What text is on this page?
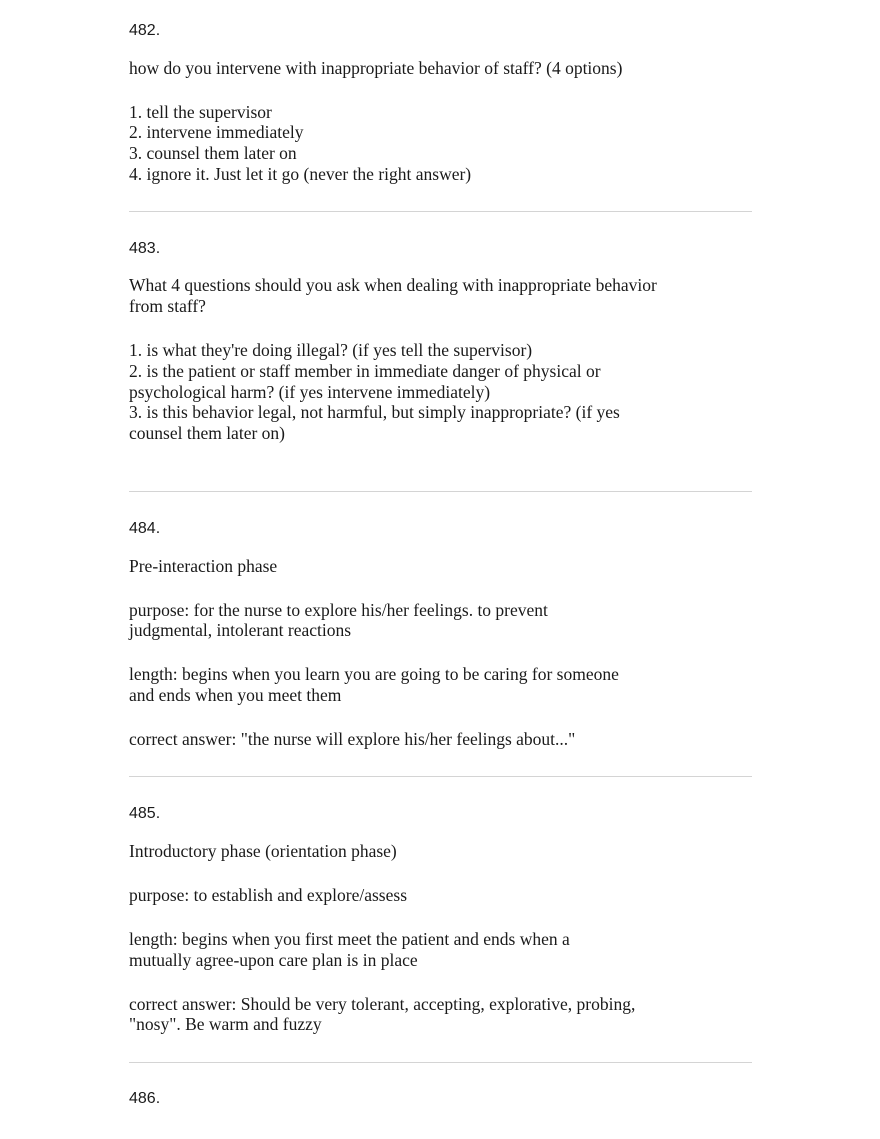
482.
how do you intervene with inappropriate behavior of staff? (4 options)
1. tell the supervisor
2. intervene immediately
3. counsel them later on
4. ignore it. Just let it go (never the right answer)
483.
What 4 questions should you ask when dealing with inappropriate behavior
from staff?
1. is what they're doing illegal? (if yes tell the supervisor)
2. is the patient or staff member in immediate danger of physical or
psychological harm? (if yes intervene immediately)
3. is this behavior legal, not harmful, but simply inappropriate? (if yes
counsel them later on)
484.
Pre-interaction phase
purpose: for the nurse to explore his/her feelings. to prevent
judgmental, intolerant reactions
length: begins when you learn you are going to be caring for someone
and ends when you meet them
correct answer: "the nurse will explore his/her feelings about..."
485.
Introductory phase (orientation phase)
purpose: to establish and explore/assess
length: begins when you first meet the patient and ends when a
mutually agree-upon care plan is in place
correct answer: Should be very tolerant, accepting, explorative, probing,
"nosy". Be warm and fuzzy
486.
